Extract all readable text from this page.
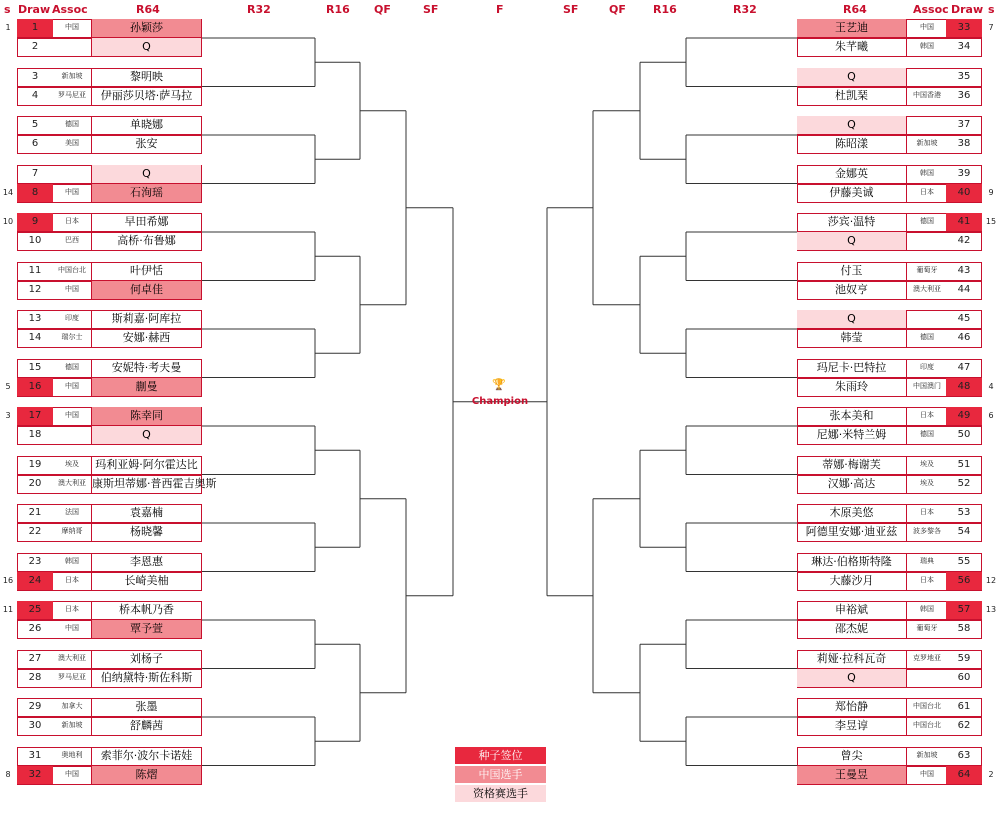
s Draw Assoc	R64	R32	R16 QF	SF	F	SF	QF R16	R32	R64	Assoc Draw s
1	1	中国	孙颖莎
2	Q
3	新加坡	黎明映
4	罗马尼亚	伊丽莎贝塔·萨马拉
5	德国	单晓娜
6	美国	张安
7	Q
14	8	中国	石洵瑶
10	9	日本	早田希娜
10	巴西	高桥·布鲁娜
11	中国台北	叶伊恬
12	中国	何卓佳
13	印度	斯莉嘉·阿库拉
14	瑞尔士	安娜·赫西
15	德国	安妮特·考夫曼
5	16	中国	蒯曼
3	17	中国	陈幸同
18	Q
19	埃及	玛利亚姆·阿尔霍达比
20	澳大利亚 康斯坦蒂娜·普西霍吉奥斯
21	法国	袁嘉楠
22	摩纳哥	杨晓馨
23	韩国	李恩惠
16	24	日本	长崎美柚
11	25	日本	桥本帆乃香
26	中国	覃予萱
27	澳大利亚	刘杨子
28	罗马尼亚	伯纳黛特·斯佐科斯
29	加拿大	张墨
30	新加坡	舒麟茜
31	奥地利	索菲尔·波尔卡诺娃
8	32	中国	陈熠
王艺迪	中国	33	7
朱芊曦	韩国	34
Q	35
杜凯琹	中国香港	36
Q	37
陈昭漾	新加坡	38
金娜英	韩国	39
伊藤美诚	日本	40	9
莎宾·温特	德国	41	15
Q	42
付玉	葡萄牙	43
池奴亨	澳大利亚	44
Q	45
韩莹	德国	46
玛尼卡·巴特拉	印度	47
朱雨玲	中国澳门	48	4
张本美和	日本	49	6
尼娜·米特兰姆	德国	50
蒂娜·梅谢芙	埃及	51
汉娜·高达	埃及	52
木原美悠	日本	53
阿德里安娜·迪亚兹	波多黎各	54
琳达·伯格斯特隆	瑞典	55
大藤沙月	日本	56	12
申裕斌	韩国	57	13
邵杰妮	葡萄牙	58
莉娅·拉科瓦奇	克罗地亚	59
Q	60
郑怡静	中国台北	61
李昱谆	中国台北	62
曾尖	新加坡	63
王曼昱	中国	64	2
🏆
Champion
种子签位
中国选手
资格赛选手
